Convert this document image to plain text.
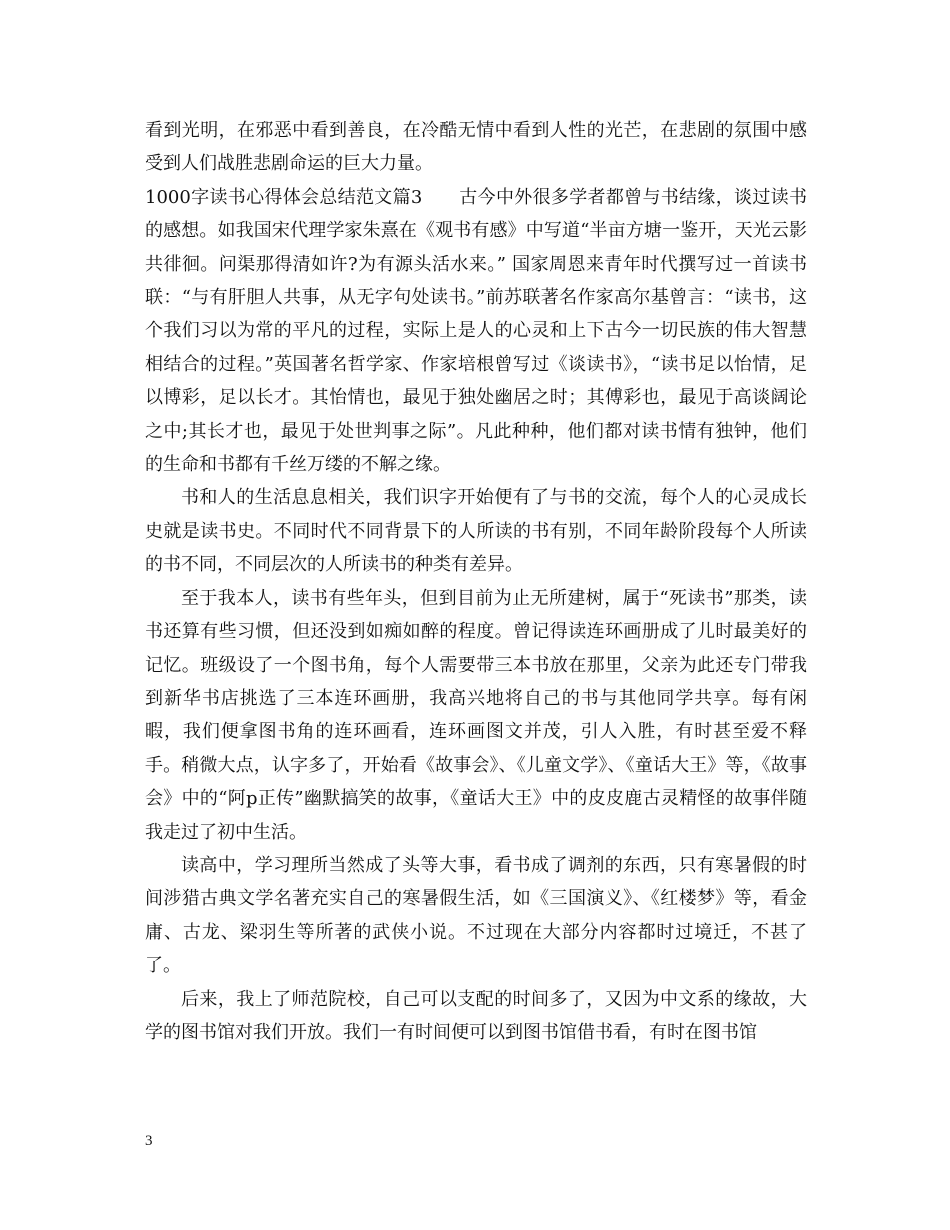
看到光明，在邪恶中看到善良，在冷酷无情中看到人性的光芒，在悲剧的氛围中感受到人们战胜悲剧命运的巨大力量。

1000字读书心得体会总结范文篇3　　古今中外很多学者都曾与书结缘，谈过读书的感想。如我国宋代理学家朱熹在《观书有感》中写道“半亩方塘一鉴开，天光云影共徘徊。问渠那得清如许?为有源头活水来。” 国家周恩来青年时代撰写过一首读书联：“与有肝胆人共事，从无字句处读书。”前苏联著名作家高尔基曾言：“读书，这个我们习以为常的平凡的过程，实际上是人的心灵和上下古今一切民族的伟大智慧相结合的过程。”英国著名哲学家、作家培根曾写过《谈读书》，“读书足以怡情，足以博彩，足以长才。其怡情也，最见于独处幽居之时；其傅彩也，最见于高谈阔论之中;其长才也，最见于处世判事之际”。凡此种种，他们都对读书情有独钟，他们的生命和书都有千丝万缕的不解之缘。

书和人的生活息息相关，我们识字开始便有了与书的交流，每个人的心灵成长史就是读书史。不同时代不同背景下的人所读的书有别，不同年龄阶段每个人所读的书不同，不同层次的人所读书的种类有差异。

至于我本人，读书有些年头，但到目前为止无所建树，属于“死读书”那类，读书还算有些习惯，但还没到如痴如醉的程度。曾记得读连环画册成了儿时最美好的记忆。班级设了一个图书角，每个人需要带三本书放在那里，父亲为此还专门带我到新华书店挑选了三本连环画册，我高兴地将自己的书与其他同学共享。每有闲暇，我们便拿图书角的连环画看，连环画图文并茂，引人入胜，有时甚至爱不释手。稍微大点，认字多了，开始看《故事会》、《儿童文学》、《童话大王》等，《故事会》中的“阿p正传”幽默搞笑的故事，《童话大王》中的皮皮鹿古灵精怪的故事伴随我走过了初中生活。

读高中，学习理所当然成了头等大事，看书成了调剂的东西，只有寒暑假的时间涉猎古典文学名著充实自己的寒暑假生活，如《三国演义》、《红楼梦》等，看金庸、古龙、梁羽生等所著的武侠小说。不过现在大部分内容都时过境迁，不甚了了。

后来，我上了师范院校，自己可以支配的时间多了，又因为中文系的缘故，大学的图书馆对我们开放。我们一有时间便可以到图书馆借书看，有时在图书馆

3
